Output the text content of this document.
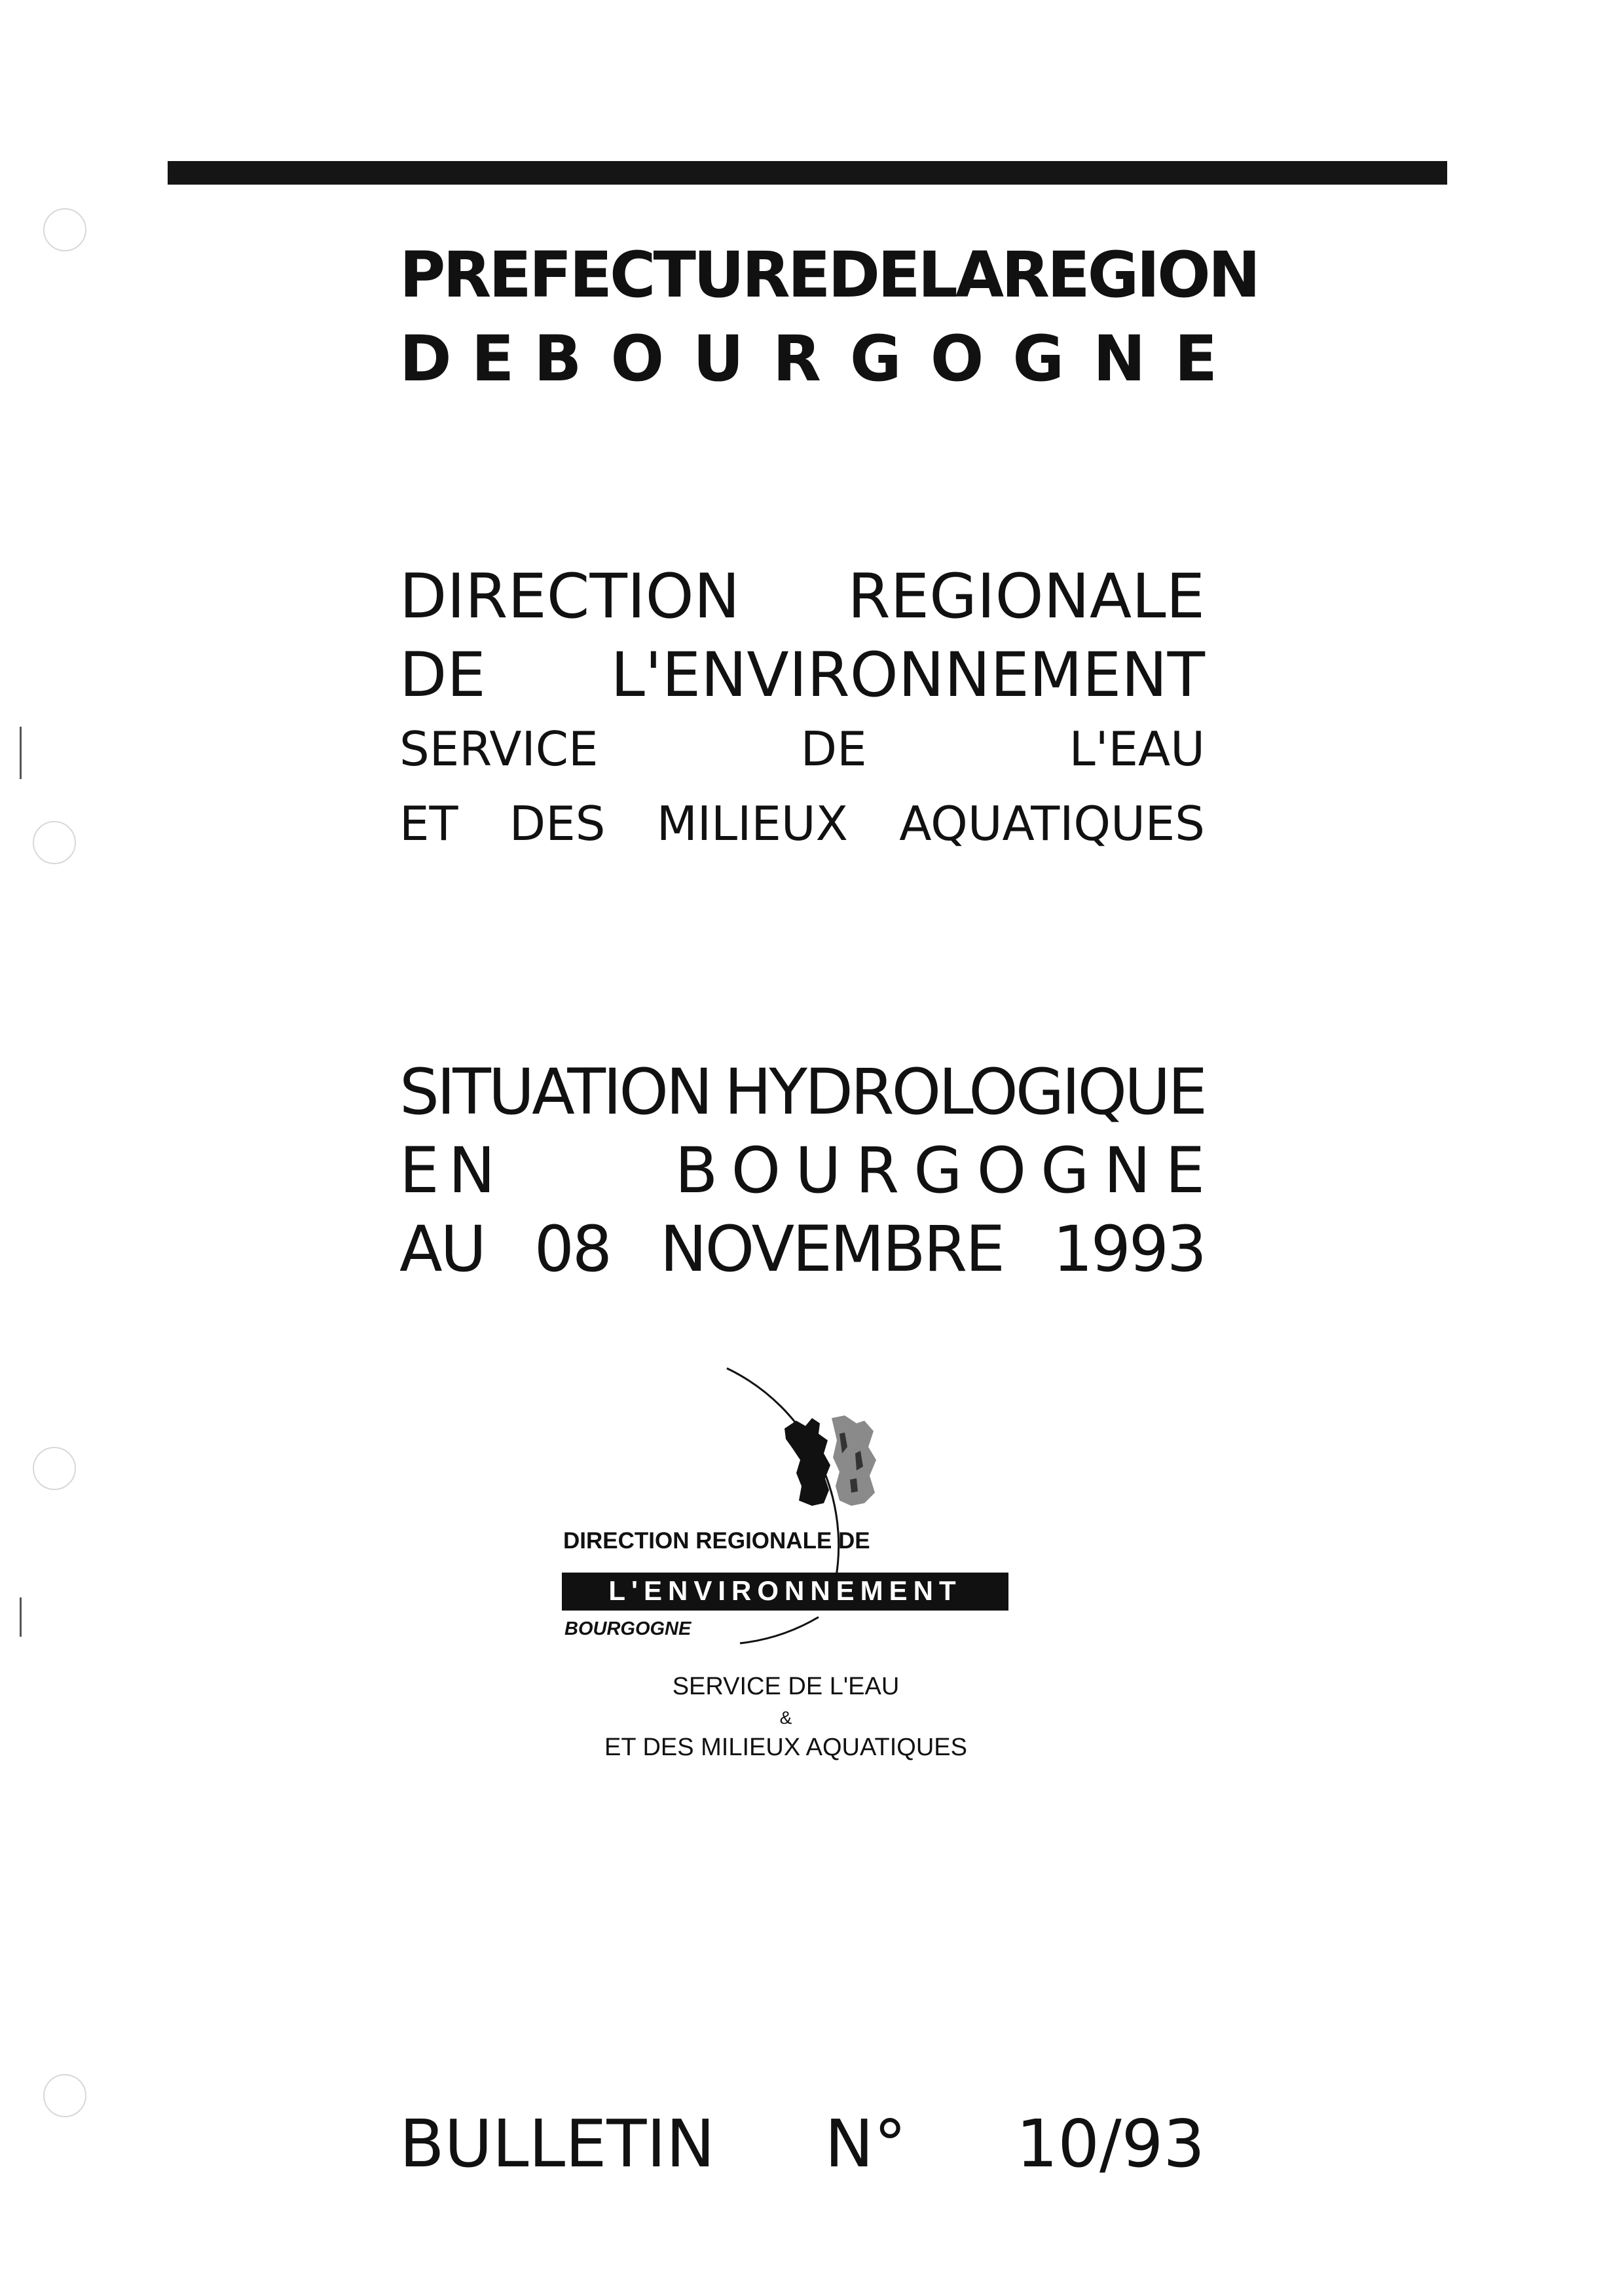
PREFECTURE DE LA REGION
DE BOURGOGNE
DIRECTION REGIONALE
DE L'ENVIRONNEMENT
SERVICE	DE	L'EAU
ET DES MILIEUX AQUATIQUES
SITUATION HYDROLOGIQUE
EN	BOURGOGNE
AU 08 NOVEMBRE 1993
DIRECTION REGIONALE DE
L'ENVIRONNEMENT
BOURGOGNE
SERVICE DE L'EAU
&
ET DES MILIEUX AQUATIQUES
BULLETIN N° 10/93
